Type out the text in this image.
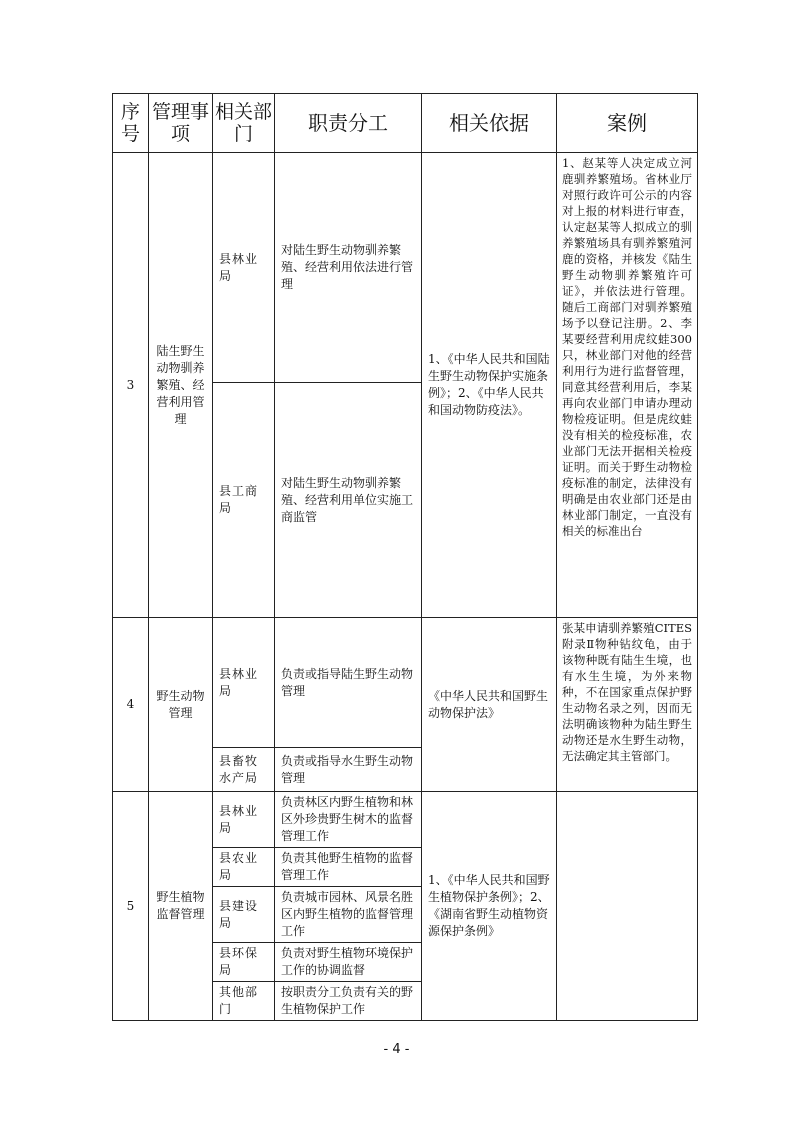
序号	管理事项	相关部门	职责分工	相关依据	案例
3	陆生野生动物驯养繁殖、经营利用管理	县林业局	对陆生野生动物驯养繁殖、经营利用依法进行管理	1、《中华人民共和国陆生野生动物保护实施条例》；2、《中华人民共和国动物防疫法》。	1、赵某等人决定成立河鹿驯养繁殖场。省林业厅对照行政许可公示的内容对上报的材料进行审查，认定赵某等人拟成立的驯养繁殖场具有驯养繁殖河鹿的资格，并核发《陆生野生动物驯养繁殖许可证》，并依法进行管理。随后工商部门对驯养繁殖场予以登记注册。2、李某要经营利用虎纹蛙300只，林业部门对他的经营利用行为进行监督管理，同意其经营利用后，李某再向农业部门申请办理动物检疫证明。但是虎纹蛙没有相关的检疫标准，农业部门无法开据相关检疫证明。而关于野生动物检疫标准的制定，法律没有明确是由农业部门还是由林业部门制定，一直没有相关的标准出台
		县工商局	对陆生野生动物驯养繁殖、经营利用单位实施工商监管		
4	野生动物管理	县林业局	负责或指导陆生野生动物管理	《中华人民共和国野生动物保护法》	张某申请驯养繁殖CITES附录Ⅱ物种钻纹龟，由于该物种既有陆生生境，也有水生生境，为外来物种，不在国家重点保护野生动物名录之列，因而无法明确该物种为陆生野生动物还是水生野生动物，无法确定其主管部门。
		县畜牧水产局	负责或指导水生野生动物管理		
5	野生植物监督管理	县林业局	负责林区内野生植物和林区外珍贵野生树木的监督管理工作	1、《中华人民共和国野生植物保护条例》；2、《湖南省野生动植物资源保护条例》	
		县农业局	负责其他野生植物的监督管理工作		
		县建设局	负责城市园林、风景名胜区内野生植物的监督管理工作		
		县环保局	负责对野生植物环境保护工作的协调监督		
		其他部门	按职责分工负责有关的野生植物保护工作		
- 4 -
